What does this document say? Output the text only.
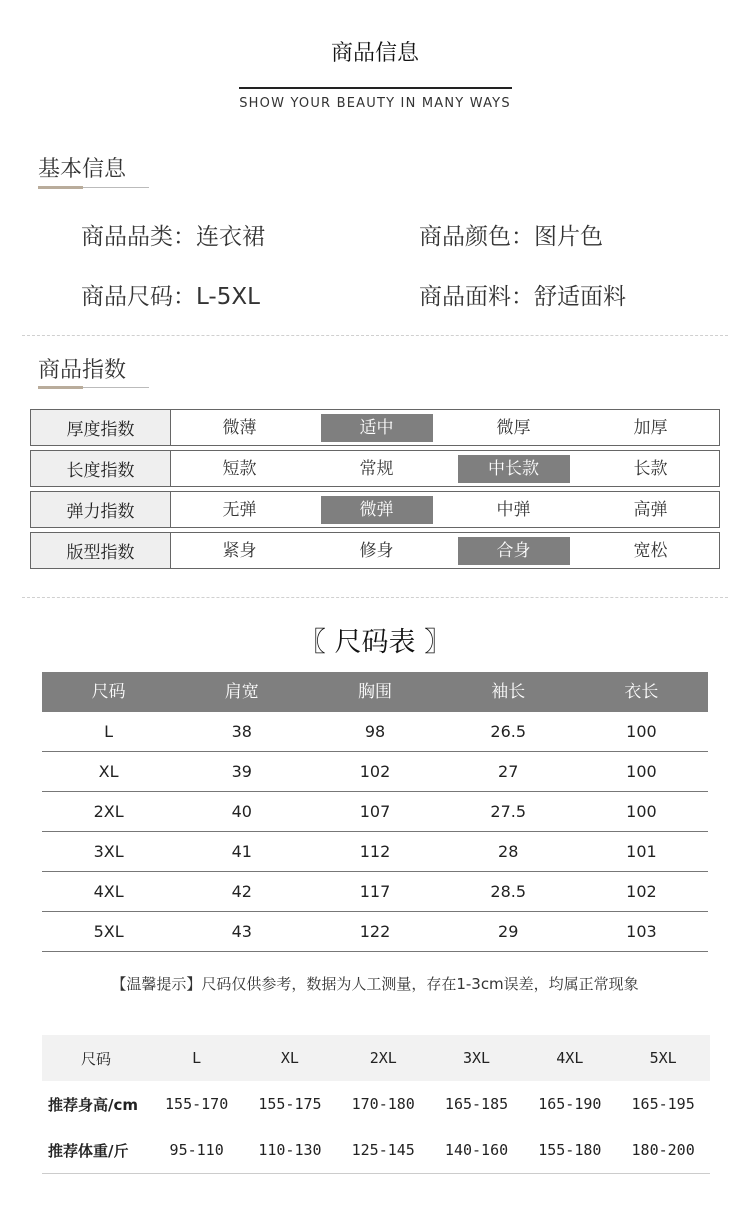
商品信息
SHOW YOUR BEAUTY IN MANY WAYS
基本信息
商品品类：连衣裙	商品颜色：图片色
商品尺码：L-5XL	商品面料：舒适面料
商品指数
厚度指数	微薄	适中	微厚	加厚
长度指数	短款	常规	中长款	长款
弹力指数	无弹	微弹	中弹	高弹
版型指数	紧身	修身	合身	宽松
〖 尺码表 〗
尺码	肩宽	胸围	袖长	衣长
L	38	98	26.5	100
XL	39	102	27	100
2XL	40	107	27.5	100
3XL	41	112	28	101
4XL	42	117	28.5	102
5XL	43	122	29	103
【温馨提示】尺码仅供参考，数据为人工测量，存在1-3cm误差，均属正常现象
尺码	L	XL	2XL	3XL	4XL	5XL
推荐身高/cm	155-170	155-175	170-180	165-185	165-190	165-195
推荐体重/斤	95-110	110-130	125-145	140-160	155-180	180-200
